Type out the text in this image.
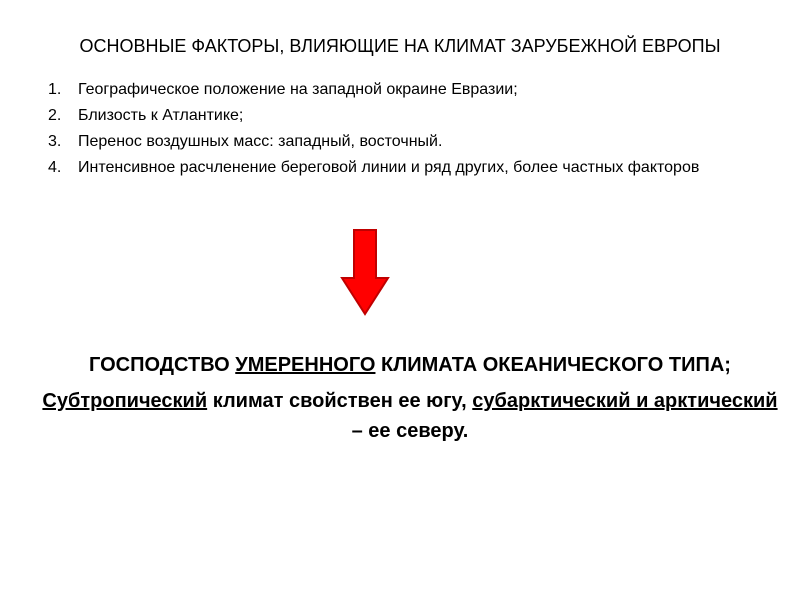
ОСНОВНЫЕ ФАКТОРЫ, ВЛИЯЮЩИЕ НА КЛИМАТ ЗАРУБЕЖНОЙ ЕВРОПЫ
1. Географическое положение на западной окраине Евразии;
2. Близость к Атлантике;
3. Перенос воздушных масс: западный, восточный.
4. Интенсивное расчленение береговой линии и ряд других, более частных факторов

ГОСПОДСТВО УМЕРЕННОГО КЛИМАТА ОКЕАНИЧЕСКОГО ТИПА;

Субтропический климат свойствен ее югу, субарктический и арктический – ее северу.
